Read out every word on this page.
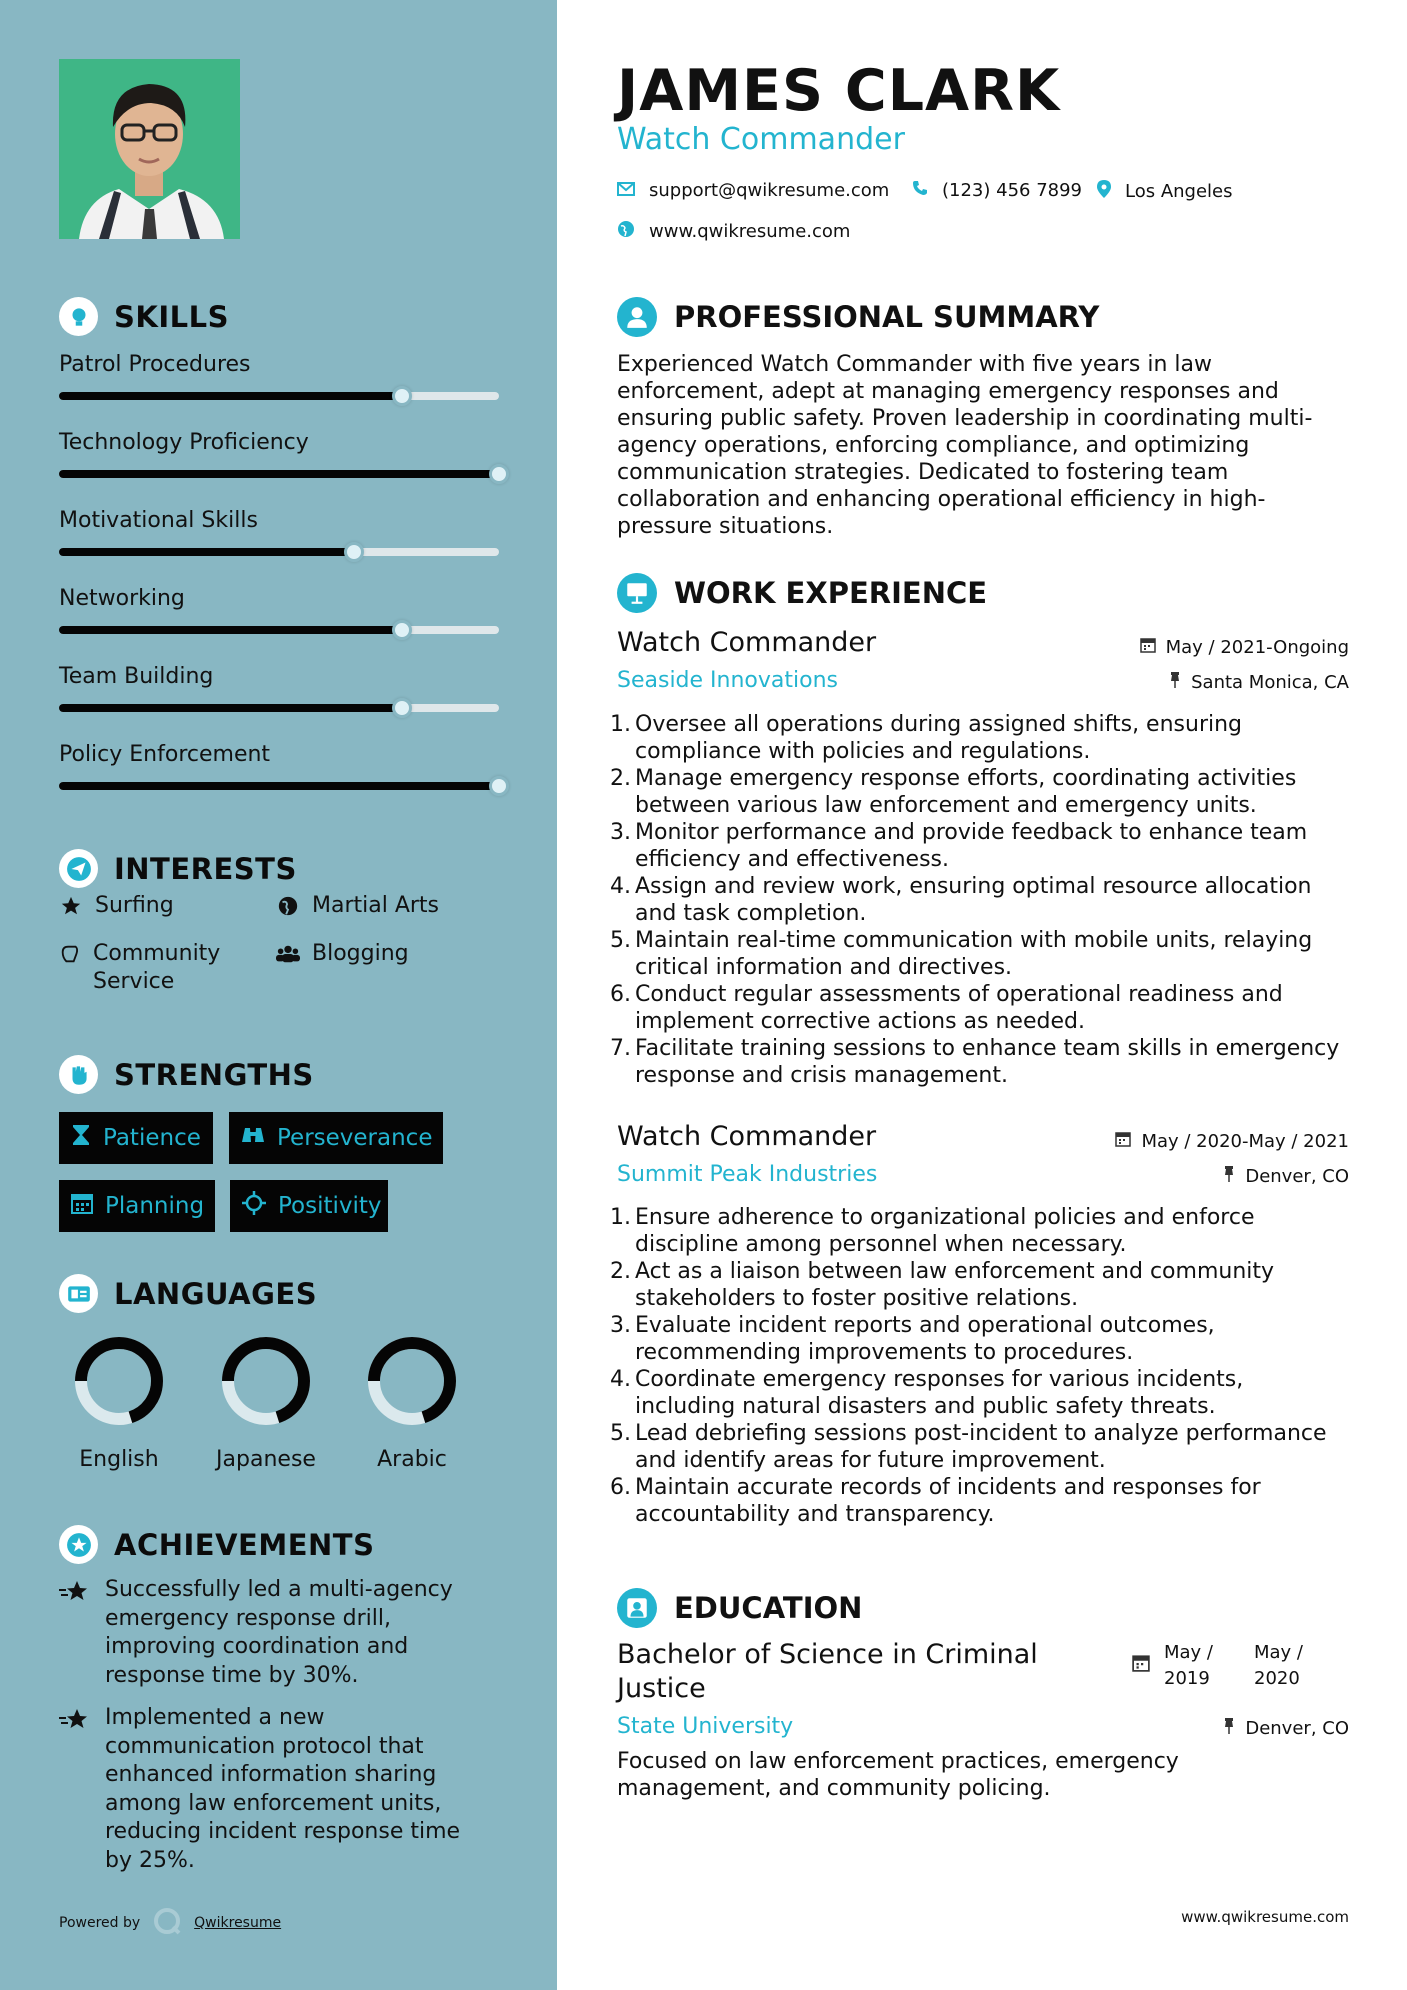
SKILLS
Patrol Procedures
Technology Proficiency
Motivational Skills
Networking
Team Building
Policy Enforcement
INTERESTS
Surfing	Martial Arts
Community Service
Blogging
STRENGTHS
Patience	Perseverance
Planning	Positivity
LANGUAGES
English	Japanese	Arabic
ACHIEVEMENTS
Successfully led a multi-agency emergency response drill, improving coordination and response time by 30%.
Implemented a new communication protocol that enhanced information sharing among law enforcement units, reducing incident response time by 25%.
Powered by	Qwikresume
JAMES CLARK
Watch Commander
support@qwikresume.com	(123) 456 7899 Los Angeles
www.qwikresume.com
PROFESSIONAL SUMMARY
Experienced Watch Commander with five years in law enforcement, adept at managing emergency responses and ensuring public safety. Proven leadership in coordinating multi-agency operations, enforcing compliance, and optimizing communication strategies. Dedicated to fostering team collaboration and enhancing operational efficiency in high-pressure situations.
WORK EXPERIENCE
Watch Commander
Seaside Innovations
May / 2021-Ongoing
Santa Monica, CA
1. Oversee all operations during assigned shifts, ensuring compliance with policies and regulations.
2. Manage emergency response efforts, coordinating activities between various law enforcement and emergency units.
3. Monitor performance and provide feedback to enhance team efficiency and effectiveness.
4. Assign and review work, ensuring optimal resource allocation and task completion.
5. Maintain real-time communication with mobile units, relaying critical information and directives.
6. Conduct regular assessments of operational readiness and implement corrective actions as needed.
7. Facilitate training sessions to enhance team skills in emergency response and crisis management.
Watch Commander
Summit Peak Industries
May / 2020-May / 2021
Denver, CO
1. Ensure adherence to organizational policies and enforce discipline among personnel when necessary.
2. Act as a liaison between law enforcement and community stakeholders to foster positive relations.
3. Evaluate incident reports and operational outcomes, recommending improvements to procedures.
4. Coordinate emergency responses for various incidents, including natural disasters and public safety threats.
5. Lead debriefing sessions post-incident to analyze performance and identify areas for future improvement.
6. Maintain accurate records of incidents and responses for accountability and transparency.
EDUCATION
Bachelor of Science in Criminal Justice
State University
May / 2019
May / 2020
Denver, CO
Focused on law enforcement practices, emergency management, and community policing.
www.qwikresume.com
